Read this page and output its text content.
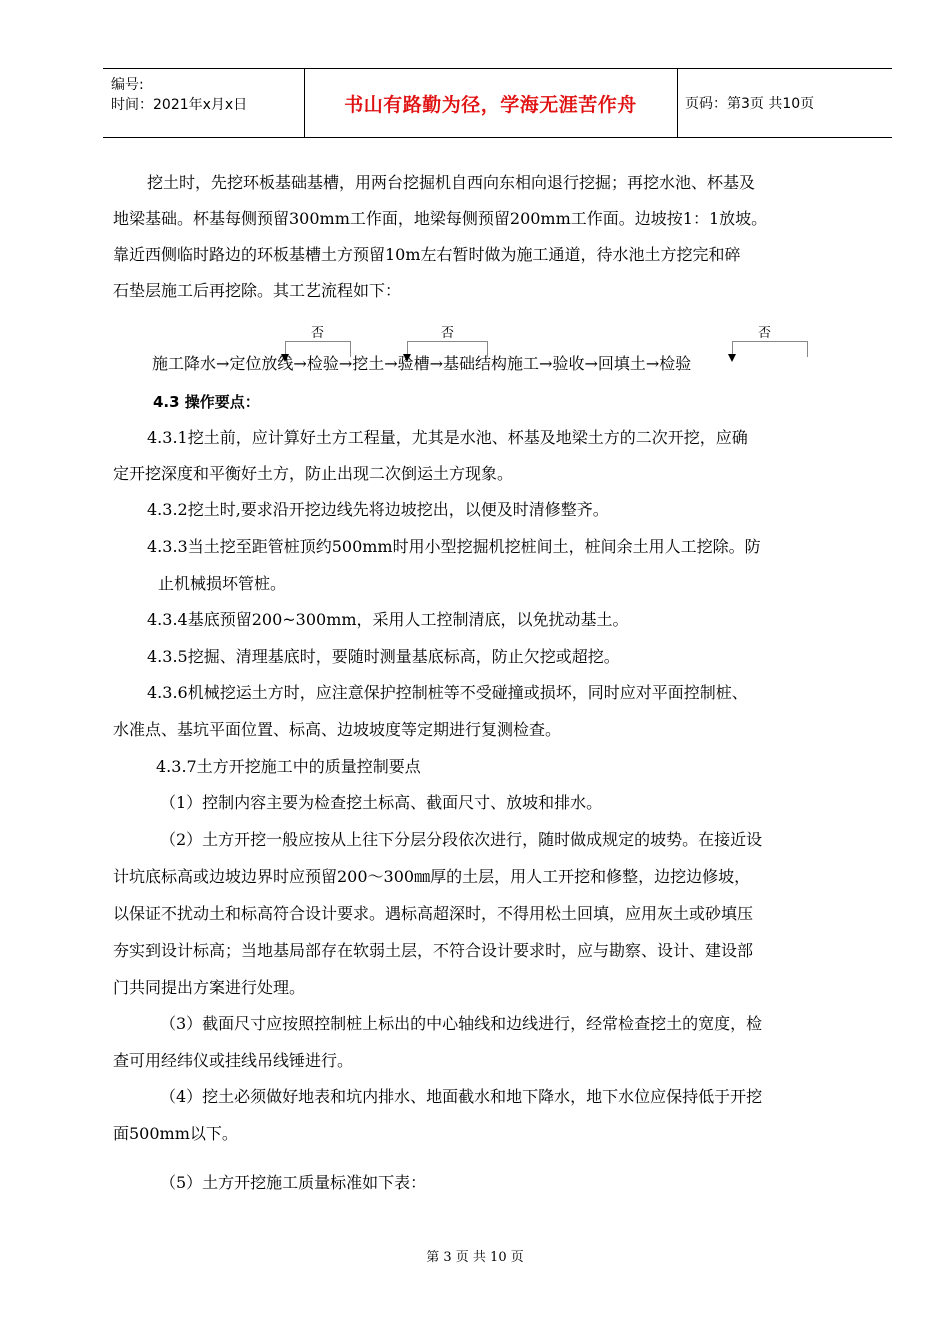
编号:
时间：2021年x月x日	书山有路勤为径，学海无涯苦作舟	页码：第3页 共10页
挖土时，先挖环板基础基槽，用两台挖掘机自西向东相向退行挖掘；再挖水池、杯基及
地梁基础。杯基每侧预留300mm工作面，地梁每侧预留200mm工作面。边坡按1：1放坡。
靠近西侧临时路边的环板基槽土方预留10m左右暂时做为施工通道，待水池土方挖完和碎
石垫层施工后再挖除。其工艺流程如下：
否	否	否
施工降水→定位放线→检验→挖土→验槽→基础结构施工→验收→回填土→检验
4.3 操作要点：
4.3.1挖土前，应计算好土方工程量，尤其是水池、杯基及地梁土方的二次开挖，应确
定开挖深度和平衡好土方，防止出现二次倒运土方现象。
4.3.2挖土时,要求沿开挖边线先将边坡挖出，以便及时清修整齐。
4.3.3当土挖至距管桩顶约500mm时用小型挖掘机挖桩间土，桩间余土用人工挖除。防
止机械损坏管桩。
4.3.4基底预留200~300mm，采用人工控制清底，以免扰动基土。
4.3.5挖掘、清理基底时，要随时测量基底标高，防止欠挖或超挖。
4.3.6机械挖运土方时，应注意保护控制桩等不受碰撞或损坏，同时应对平面控制桩、
水准点、基坑平面位置、标高、边坡坡度等定期进行复测检查。
4.3.7土方开挖施工中的质量控制要点
（1）控制内容主要为检查挖土标高、截面尺寸、放坡和排水。
（2）土方开挖一般应按从上往下分层分段依次进行，随时做成规定的坡势。在接近设
计坑底标高或边坡边界时应预留200～300㎜厚的土层，用人工开挖和修整，边挖边修坡，
以保证不扰动土和标高符合设计要求。遇标高超深时，不得用松土回填，应用灰土或砂填压
夯实到设计标高；当地基局部存在软弱土层，不符合设计要求时，应与勘察、设计、建设部
门共同提出方案进行处理。
（3）截面尺寸应按照控制桩上标出的中心轴线和边线进行，经常检查挖土的宽度，检
查可用经纬仪或挂线吊线锤进行。
（4）挖土必须做好地表和坑内排水、地面截水和地下降水，地下水位应保持低于开挖
面500mm以下。
（5）土方开挖施工质量标准如下表：
第 3 页 共 10 页
